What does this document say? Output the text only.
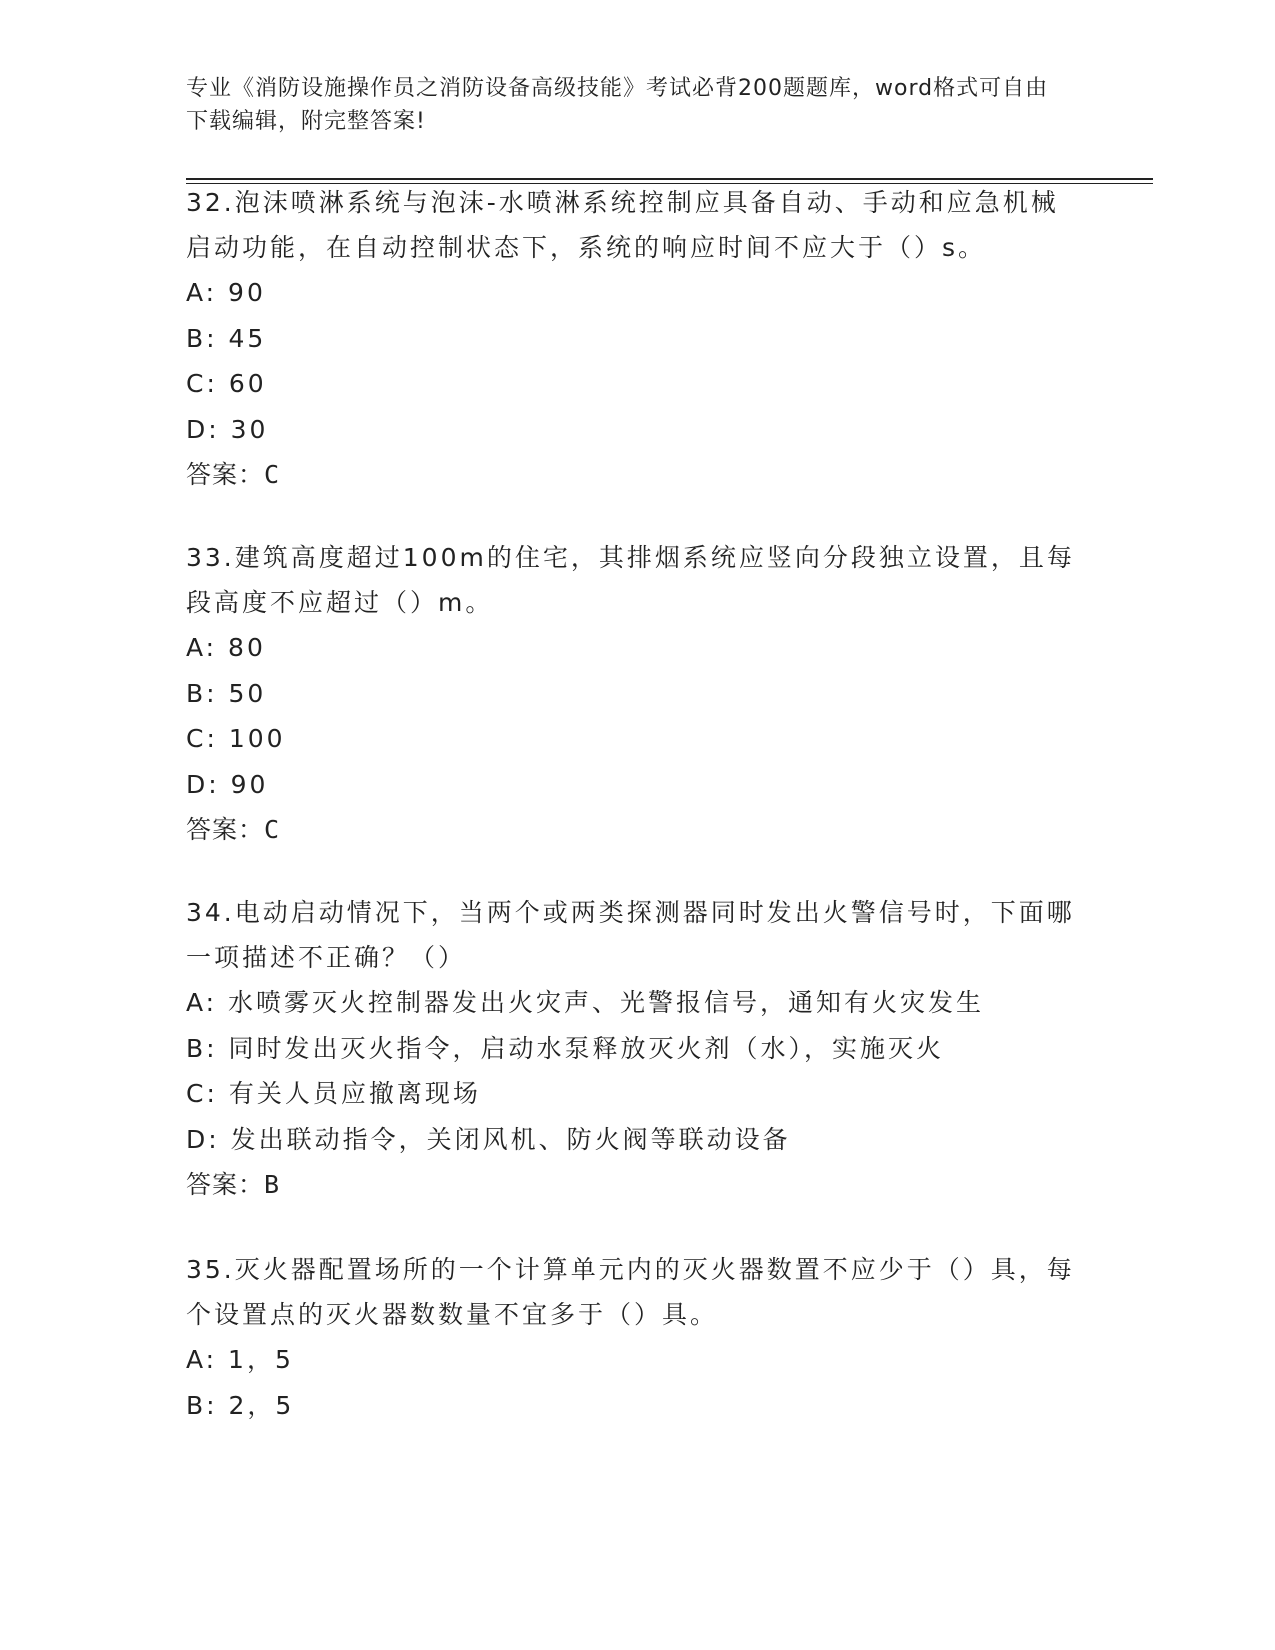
专业《消防设施操作员之消防设备高级技能》考试必背200题题库，word格式可自由下载编辑，附完整答案!

32.泡沫喷淋系统与泡沫-水喷淋系统控制应具备自动、手动和应急机械启动功能，在自动控制状态下，系统的响应时间不应大于（）s。

A: 90

B: 45

C: 60

D: 30

答案：C

33.建筑高度超过100m的住宅，其排烟系统应竖向分段独立设置，且每段高度不应超过（）m。

A: 80

B: 50

C: 100

D: 90

答案：C

34.电动启动情况下，当两个或两类探测器同时发出火警信号时，下面哪一项描述不正确？（）

A: 水喷雾灭火控制器发出火灾声、光警报信号，通知有火灾发生

B: 同时发出灭火指令，启动水泵释放灭火剂（水），实施灭火

C: 有关人员应撤离现场

D: 发出联动指令，关闭风机、防火阀等联动设备

答案：B

35.灭火器配置场所的一个计算单元内的灭火器数置不应少于（）具，每个设置点的灭火器数数量不宜多于（）具。

A: 1，5

B: 2，5
